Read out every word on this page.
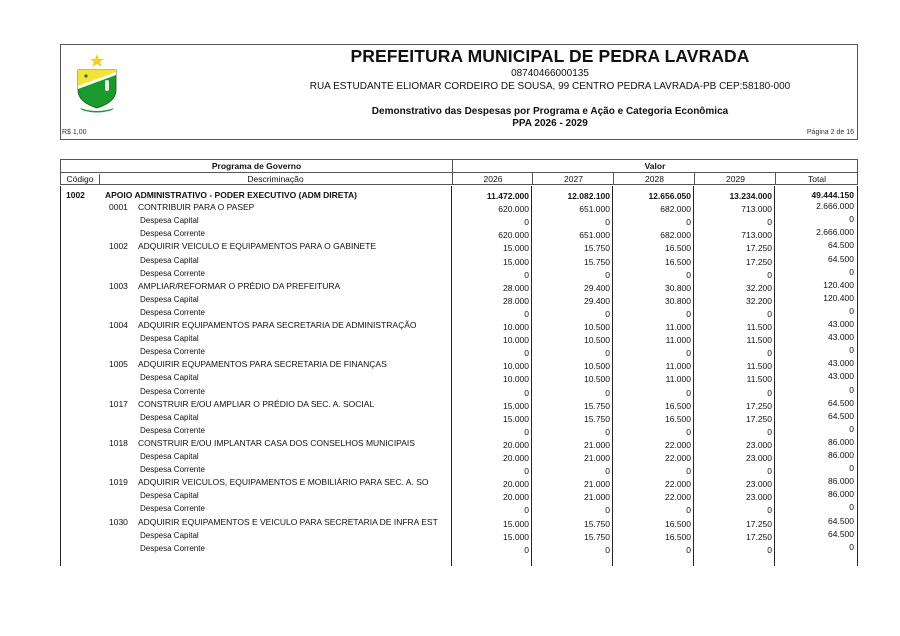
PREFEITURA MUNICIPAL DE PEDRA LAVRADA
08740466000135
RUA ESTUDANTE ELIOMAR CORDEIRO DE SOUSA, 99 CENTRO PEDRA LAVRADA-PB CEP:58180-000
Demonstrativo das Despesas por Programa e Ação e Categoria Econômica
PPA 2026 - 2029
R$ 1,00	Página 2 de 16
Programa de Governo	Valor
Código	Descriminação	2026	2027	2028	2029	Total
1002 APOIO ADMINISTRATIVO - PODER EXECUTIVO (ADM DIRETA)	11.472.000	12.082.100	12.656.050	13.234.000	49.444.150
0001 CONTRIBUIR PARA O PASEP	620.000	651.000	682.000	713.000	2.666.000
Despesa Capital	0	0	0	0	0
Despesa Corrente	620.000	651.000	682.000	713.000	2.666.000
1002 ADQUIRIR VEICULO E EQUIPAMENTOS PARA O GABINETE	15.000	15.750	16.500	17.250	64.500
Despesa Capital	15.000	15.750	16.500	17.250	64.500
Despesa Corrente	0	0	0	0	0
1003 AMPLIAR/REFORMAR O PRÉDIO DA PREFEITURA	28.000	29.400	30.800	32.200	120.400
Despesa Capital	28.000	29.400	30.800	32.200	120.400
Despesa Corrente	0	0	0	0	0
1004 ADQUIRIR EQUIPAMENTOS PARA SECRETARIA DE ADMINISTRAÇÃO	10.000	10.500	11.000	11.500	43.000
Despesa Capital	10.000	10.500	11.000	11.500	43.000
Despesa Corrente	0	0	0	0	0
1005 ADQUIRIR EQUPAMENTOS PARA SECRETARIA DE FINANÇAS	10.000	10.500	11.000	11.500	43.000
Despesa Capital	10.000	10.500	11.000	11.500	43.000
Despesa Corrente	0	0	0	0	0
1017 CONSTRUIR E/OU AMPLIAR O PRÉDIO DA SEC. A. SOCIAL	15.000	15.750	16.500	17.250	64.500
Despesa Capital	15.000	15.750	16.500	17.250	64.500
Despesa Corrente	0	0	0	0	0
1018 CONSTRUIR E/OU IMPLANTAR CASA DOS CONSELHOS MUNICIPAIS	20.000	21.000	22.000	23.000	86.000
Despesa Capital	20.000	21.000	22.000	23.000	86.000
Despesa Corrente	0	0	0	0	0
1019 ADQUIRIR VEICULOS, EQUIPAMENTOS E MOBILIÁRIO PARA SEC. A. SO	20.000	21.000	22.000	23.000	86.000
Despesa Capital	20.000	21.000	22.000	23.000	86.000
Despesa Corrente	0	0	0	0	0
1030 ADQUIRIR EQUIPAMENTOS E VEICULO PARA SECRETARIA DE INFRA EST	15.000	15.750	16.500	17.250	64.500
Despesa Capital	15.000	15.750	16.500	17.250	64.500
Despesa Corrente	0	0	0	0	0
